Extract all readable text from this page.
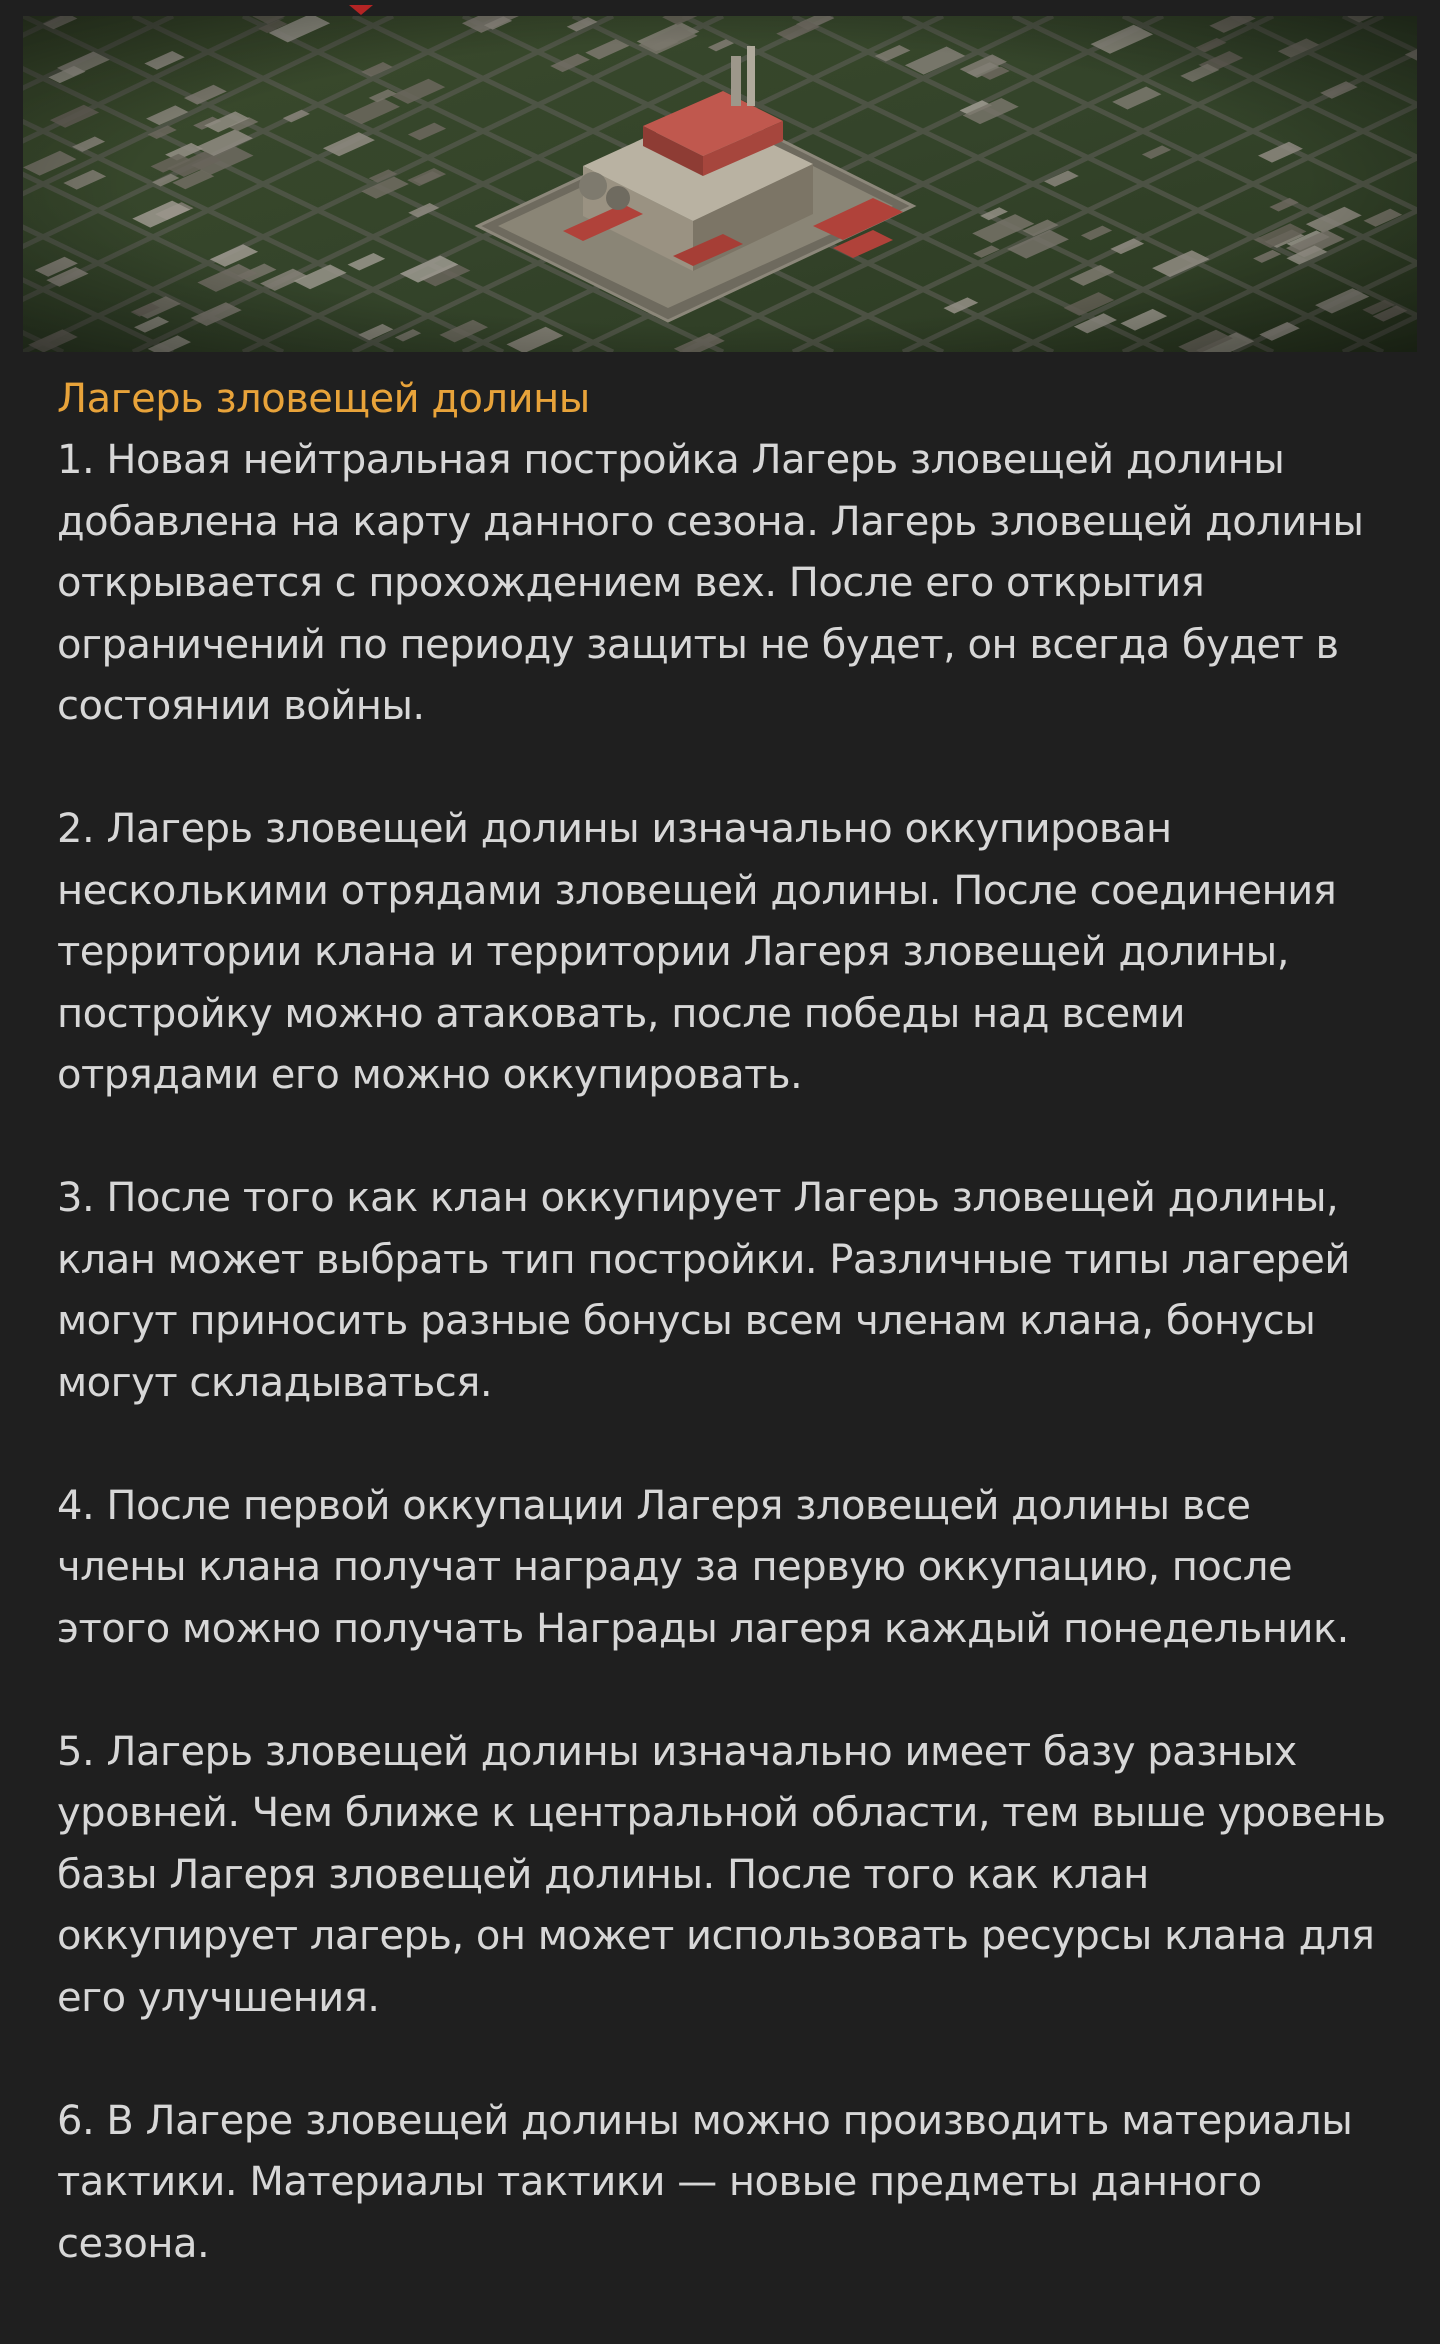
Лагерь зловещей долины

1. Новая нейтральная постройка Лагерь зловещей долины добавлена на карту данного сезона. Лагерь зловещей долины открывается с прохождением вех. После его открытия ограничений по периоду защиты не будет, он всегда будет в состоянии войны.

2. Лагерь зловещей долины изначально оккупирован несколькими отрядами зловещей долины. После соединения территории клана и территории Лагеря зловещей долины, постройку можно атаковать, после победы над всеми отрядами его можно оккупировать.

3. После того как клан оккупирует Лагерь зловещей долины, клан может выбрать тип постройки. Различные типы лагерей могут приносить разные бонусы всем членам клана, бонусы могут складываться.

4. После первой оккупации Лагеря зловещей долины все члены клана получат награду за первую оккупацию, после этого можно получать Награды лагеря каждый понедельник.

5. Лагерь зловещей долины изначально имеет базу разных уровней. Чем ближе к центральной области, тем выше уровень базы Лагеря зловещей долины. После того как клан оккупирует лагерь, он может использовать ресурсы клана для его улучшения.

6. В Лагере зловещей долины можно производить материалы тактики. Материалы тактики — новые предметы данного сезона.
